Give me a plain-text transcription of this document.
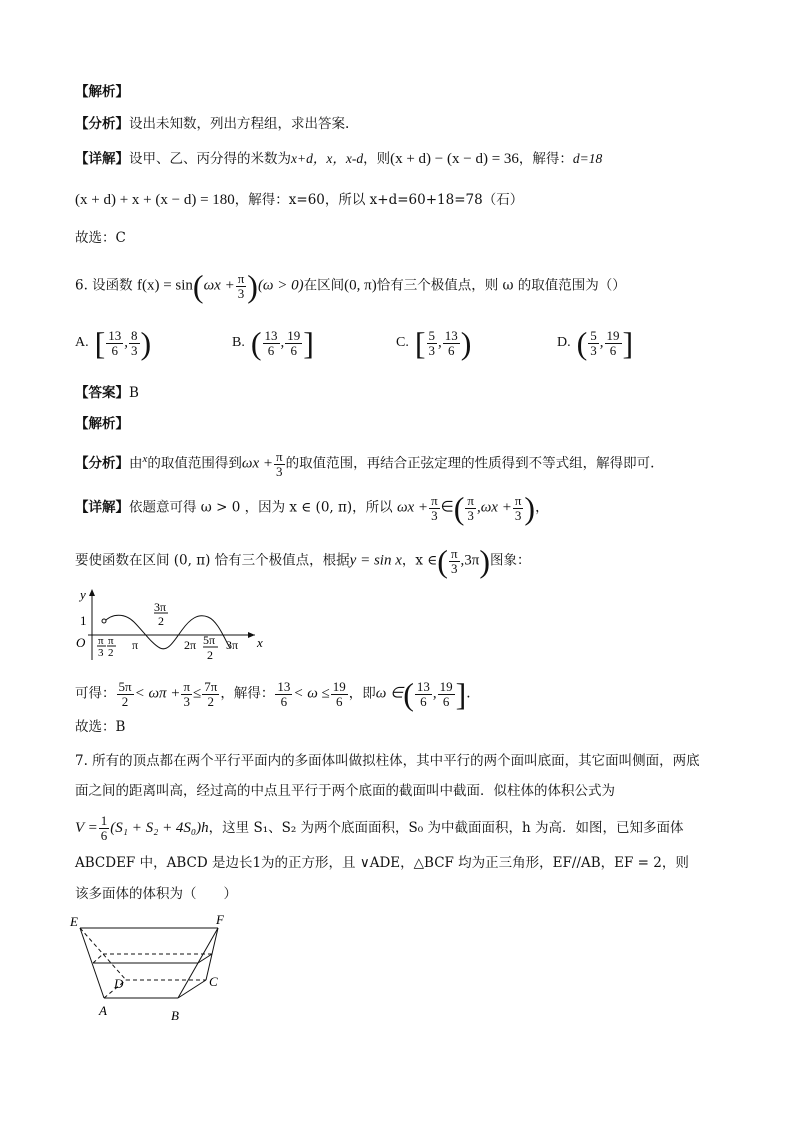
【解析】
【分析】设出未知数，列出方程组，求出答案.
【详解】设甲、乙、丙分得的米数为x+d，x，x-d，则(x + d) − (x − d) = 36，解得：d=18
(x + d) + x + (x − d) = 180，解得：x=60，所以 x+d=60+18=78（石）
故选：C
6. 设函数 $f(x) = \sin(\omega x + \frac{\pi}{3} )(\omega > 0)$在区间(0, π)恰有三个极值点，则 ω 的取值范围为（）
A. [ $\frac{13}{6}$ , $\frac{8}{3}$ )	B. ( $\frac{13}{6}$ , $\frac{19}{6}$ ]	C. [ $\frac{5}{3}$ , $\frac{13}{6}$ )	D. ( $\frac{5}{3}$ , $\frac{19}{6}$ ]
【答案】B
【解析】
【分析】由$^x$的取值范围得到$\omega x + \frac{\pi}{3}$ 的取值范围，再结合正弦定理的性质得到不等式组，解得即可.
【详解】依题意可得 ω > 0 ，因为 x ∈ (0, π)，所以 $\omega x + \frac{\pi}{3}$ ∈( $\frac{\pi}{3} ,\omega x + \frac{\pi}{3}$ )，
要使函数在区间 (0, π) 恰有三个极值点，根据y = sin x，x ∈( $\frac{\pi}{3} ,3\pi$)图象：
y
1
O	x
π
3
π
2
π
3π
2
2π 5π
2
3π
可得： $\frac{5\pi}{2} < \omega\pi + \frac{\pi}{3} \le \frac{7\pi}{2}$ ，解得： $\frac{13}{6} < \omega \le \frac{19}{6}$ ，即ω ∈( $\frac{13}{6}$ , $\frac{19}{6}$ ].
故选：B
7. 所有的顶点都在两个平行平面内的多面体叫做拟柱体，其中平行的两个面叫底面，其它面叫侧面，两底
面之间的距离叫高，经过高的中点且平行于两个底面的截面叫中截面．似柱体的体积公式为
$V = \frac{1}{6} (S_1 + S_2 + 4S_0)h$，这里 S₁、S₂ 为两个底面面积，S₀ 为中截面面积，h 为高．如图，已知多面体
ABCDEF 中，ABCD 是边长1为的正方形，且 ∨ADE，△BCF 均为正三角形，EF//AB，EF = 2，则
该多面体的体积为（　　）
E	F
C
D
A	B
